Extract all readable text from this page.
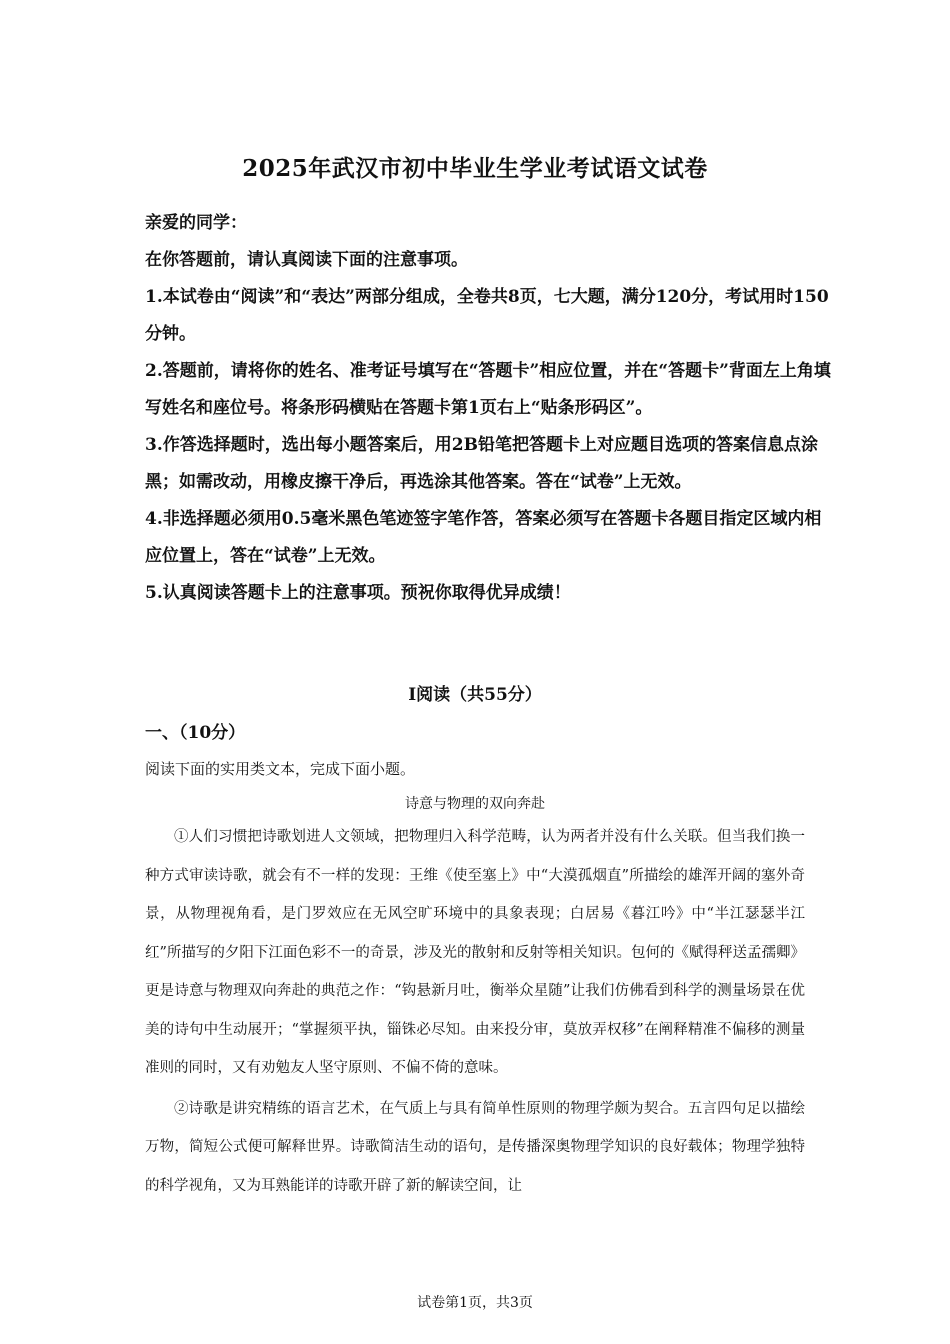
2025年武汉市初中毕业生学业考试语文试卷

亲爱的同学：

在你答题前，请认真阅读下面的注意事项。

1.本试卷由“阅读”和“表达”两部分组成，全卷共8页，七大题，满分120分，考试用时150分钟。

2.答题前，请将你的姓名、准考证号填写在“答题卡”相应位置，并在“答题卡”背面左上角填写姓名和座位号。将条形码横贴在答题卡第1页右上“贴条形码区”。

3.作答选择题时，选出每小题答案后，用2B铅笔把答题卡上对应题目选项的答案信息点涂黑；如需改动，用橡皮擦干净后，再选涂其他答案。答在“试卷”上无效。

4.非选择题必须用0.5毫米黑色笔迹签字笔作答，答案必须写在答题卡各题目指定区域内相应位置上，答在“试卷”上无效。

5.认真阅读答题卡上的注意事项。预祝你取得优异成绩！

Ⅰ阅读（共55分）
一、（10分）
阅读下面的实用类文本，完成下面小题。
诗意与物理的双向奔赴

①人们习惯把诗歌划进人文领域，把物理归入科学范畴，认为两者并没有什么关联。但当我们换一种方式审读诗歌，就会有不一样的发现：王维《使至塞上》中“大漠孤烟直”所描绘的雄浑开阔的塞外奇景，从物理视角看，是门罗效应在无风空旷环境中的具象表现；白居易《暮江吟》中“半江瑟瑟半江红”所描写的夕阳下江面色彩不一的奇景，涉及光的散射和反射等相关知识。包何的《赋得秤送孟孺卿》更是诗意与物理双向奔赴的典范之作：“钩悬新月吐，衡举众星随”让我们仿佛看到科学的测量场景在优美的诗句中生动展开；“掌握须平执，锱铢必尽知。由来投分审，莫放弄权移”在阐释精准不偏移的测量准则的同时，又有劝勉友人坚守原则、不偏不倚的意味。

②诗歌是讲究精练的语言艺术，在气质上与具有简单性原则的物理学颇为契合。五言四句足以描绘万物，简短公式便可解释世界。诗歌简洁生动的语句，是传播深奥物理学知识的良好载体；物理学独特的科学视角，又为耳熟能详的诗歌开辟了新的解读空间，让

试卷第1页，共3页
